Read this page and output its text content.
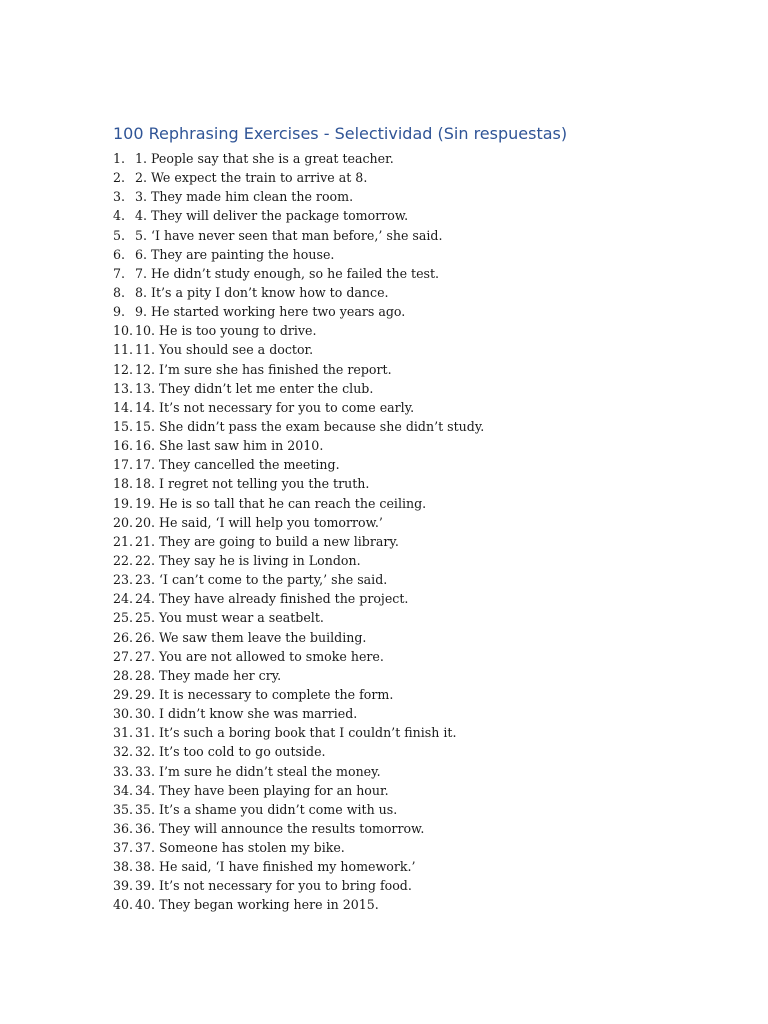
100 Rephrasing Exercises - Selectividad (Sin respuestas)
1. 1. People say that she is a great teacher.
2. 2. We expect the train to arrive at 8.
3. 3. They made him clean the room.
4. 4. They will deliver the package tomorrow.
5. 5. ‘I have never seen that man before,’ she said.
6. 6. They are painting the house.
7. 7. He didn’t study enough, so he failed the test.
8. 8. It’s a pity I don’t know how to dance.
9. 9. He started working here two years ago.
10. 10. He is too young to drive.
11. 11. You should see a doctor.
12. 12. I’m sure she has finished the report.
13. 13. They didn’t let me enter the club.
14. 14. It’s not necessary for you to come early.
15. 15. She didn’t pass the exam because she didn’t study.
16. 16. She last saw him in 2010.
17. 17. They cancelled the meeting.
18. 18. I regret not telling you the truth.
19. 19. He is so tall that he can reach the ceiling.
20. 20. He said, ‘I will help you tomorrow.’
21. 21. They are going to build a new library.
22. 22. They say he is living in London.
23. 23. ‘I can’t come to the party,’ she said.
24. 24. They have already finished the project.
25. 25. You must wear a seatbelt.
26. 26. We saw them leave the building.
27. 27. You are not allowed to smoke here.
28. 28. They made her cry.
29. 29. It is necessary to complete the form.
30. 30. I didn’t know she was married.
31. 31. It’s such a boring book that I couldn’t finish it.
32. 32. It’s too cold to go outside.
33. 33. I’m sure he didn’t steal the money.
34. 34. They have been playing for an hour.
35. 35. It’s a shame you didn’t come with us.
36. 36. They will announce the results tomorrow.
37. 37. Someone has stolen my bike.
38. 38. He said, ‘I have finished my homework.’
39. 39. It’s not necessary for you to bring food.
40. 40. They began working here in 2015.
